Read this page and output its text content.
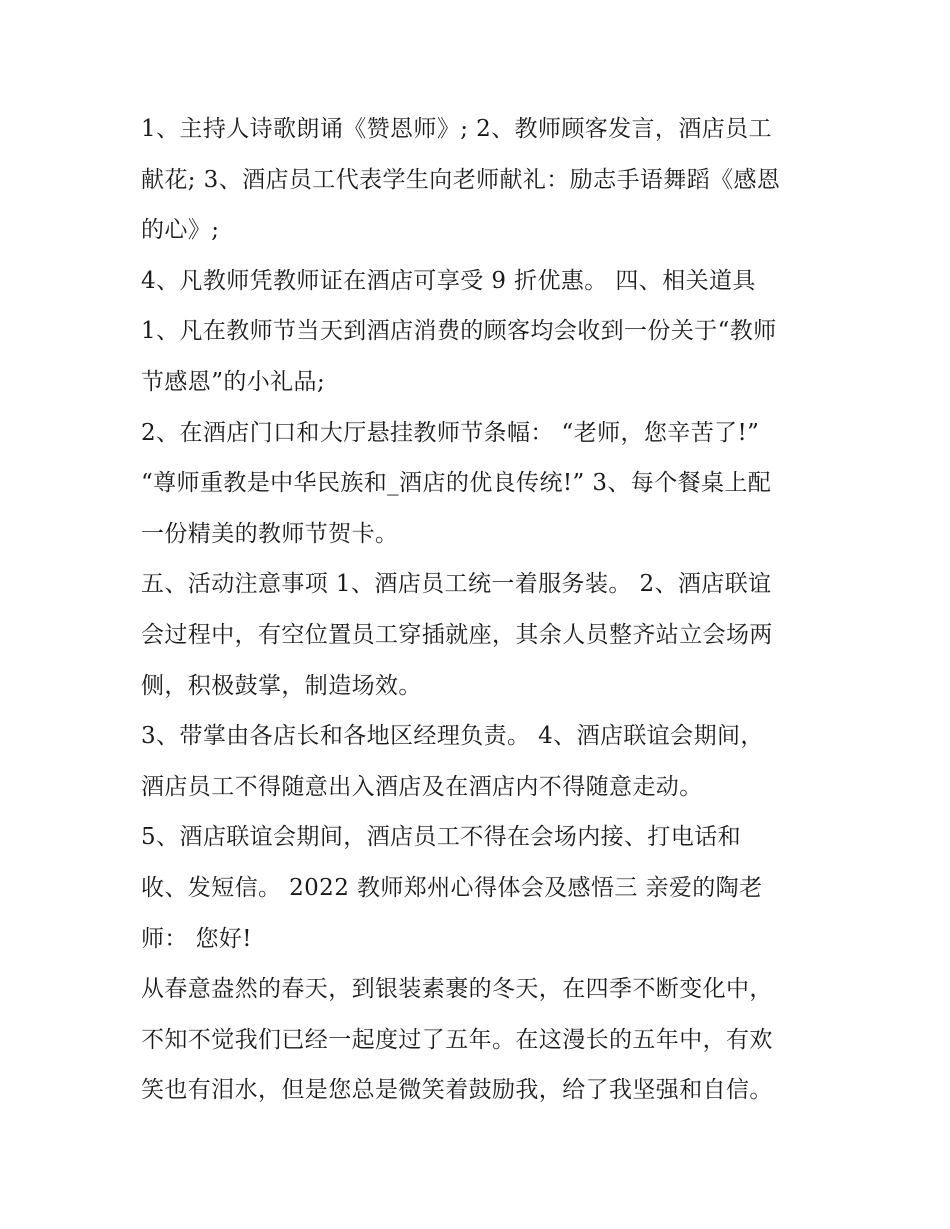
1、主持人诗歌朗诵《赞恩师》; 2、教师顾客发言，酒店员工
献花; 3、酒店员工代表学生向老师献礼：励志手语舞蹈《感恩
的心》;
4、凡教师凭教师证在酒店可享受 9 折优惠。 四、相关道具
1、凡在教师节当天到酒店消费的顾客均会收到一份关于“教师
节感恩”的小礼品;
2、在酒店门口和大厅悬挂教师节条幅： “老师，您辛苦了!”
“尊师重教是中华民族和_酒店的优良传统!” 3、每个餐桌上配
一份精美的教师节贺卡。
五、活动注意事项 1、酒店员工统一着服务装。 2、酒店联谊
会过程中，有空位置员工穿插就座，其余人员整齐站立会场两
侧，积极鼓掌，制造场效。
3、带掌由各店长和各地区经理负责。 4、酒店联谊会期间，
酒店员工不得随意出入酒店及在酒店内不得随意走动。
5、酒店联谊会期间，酒店员工不得在会场内接、打电话和
收、发短信。 2022 教师郑州心得体会及感悟三 亲爱的陶老
师： 您好!
从春意盎然的春天，到银装素裹的冬天，在四季不断变化中，
不知不觉我们已经一起度过了五年。在这漫长的五年中，有欢
笑也有泪水，但是您总是微笑着鼓励我，给了我坚强和自信。
